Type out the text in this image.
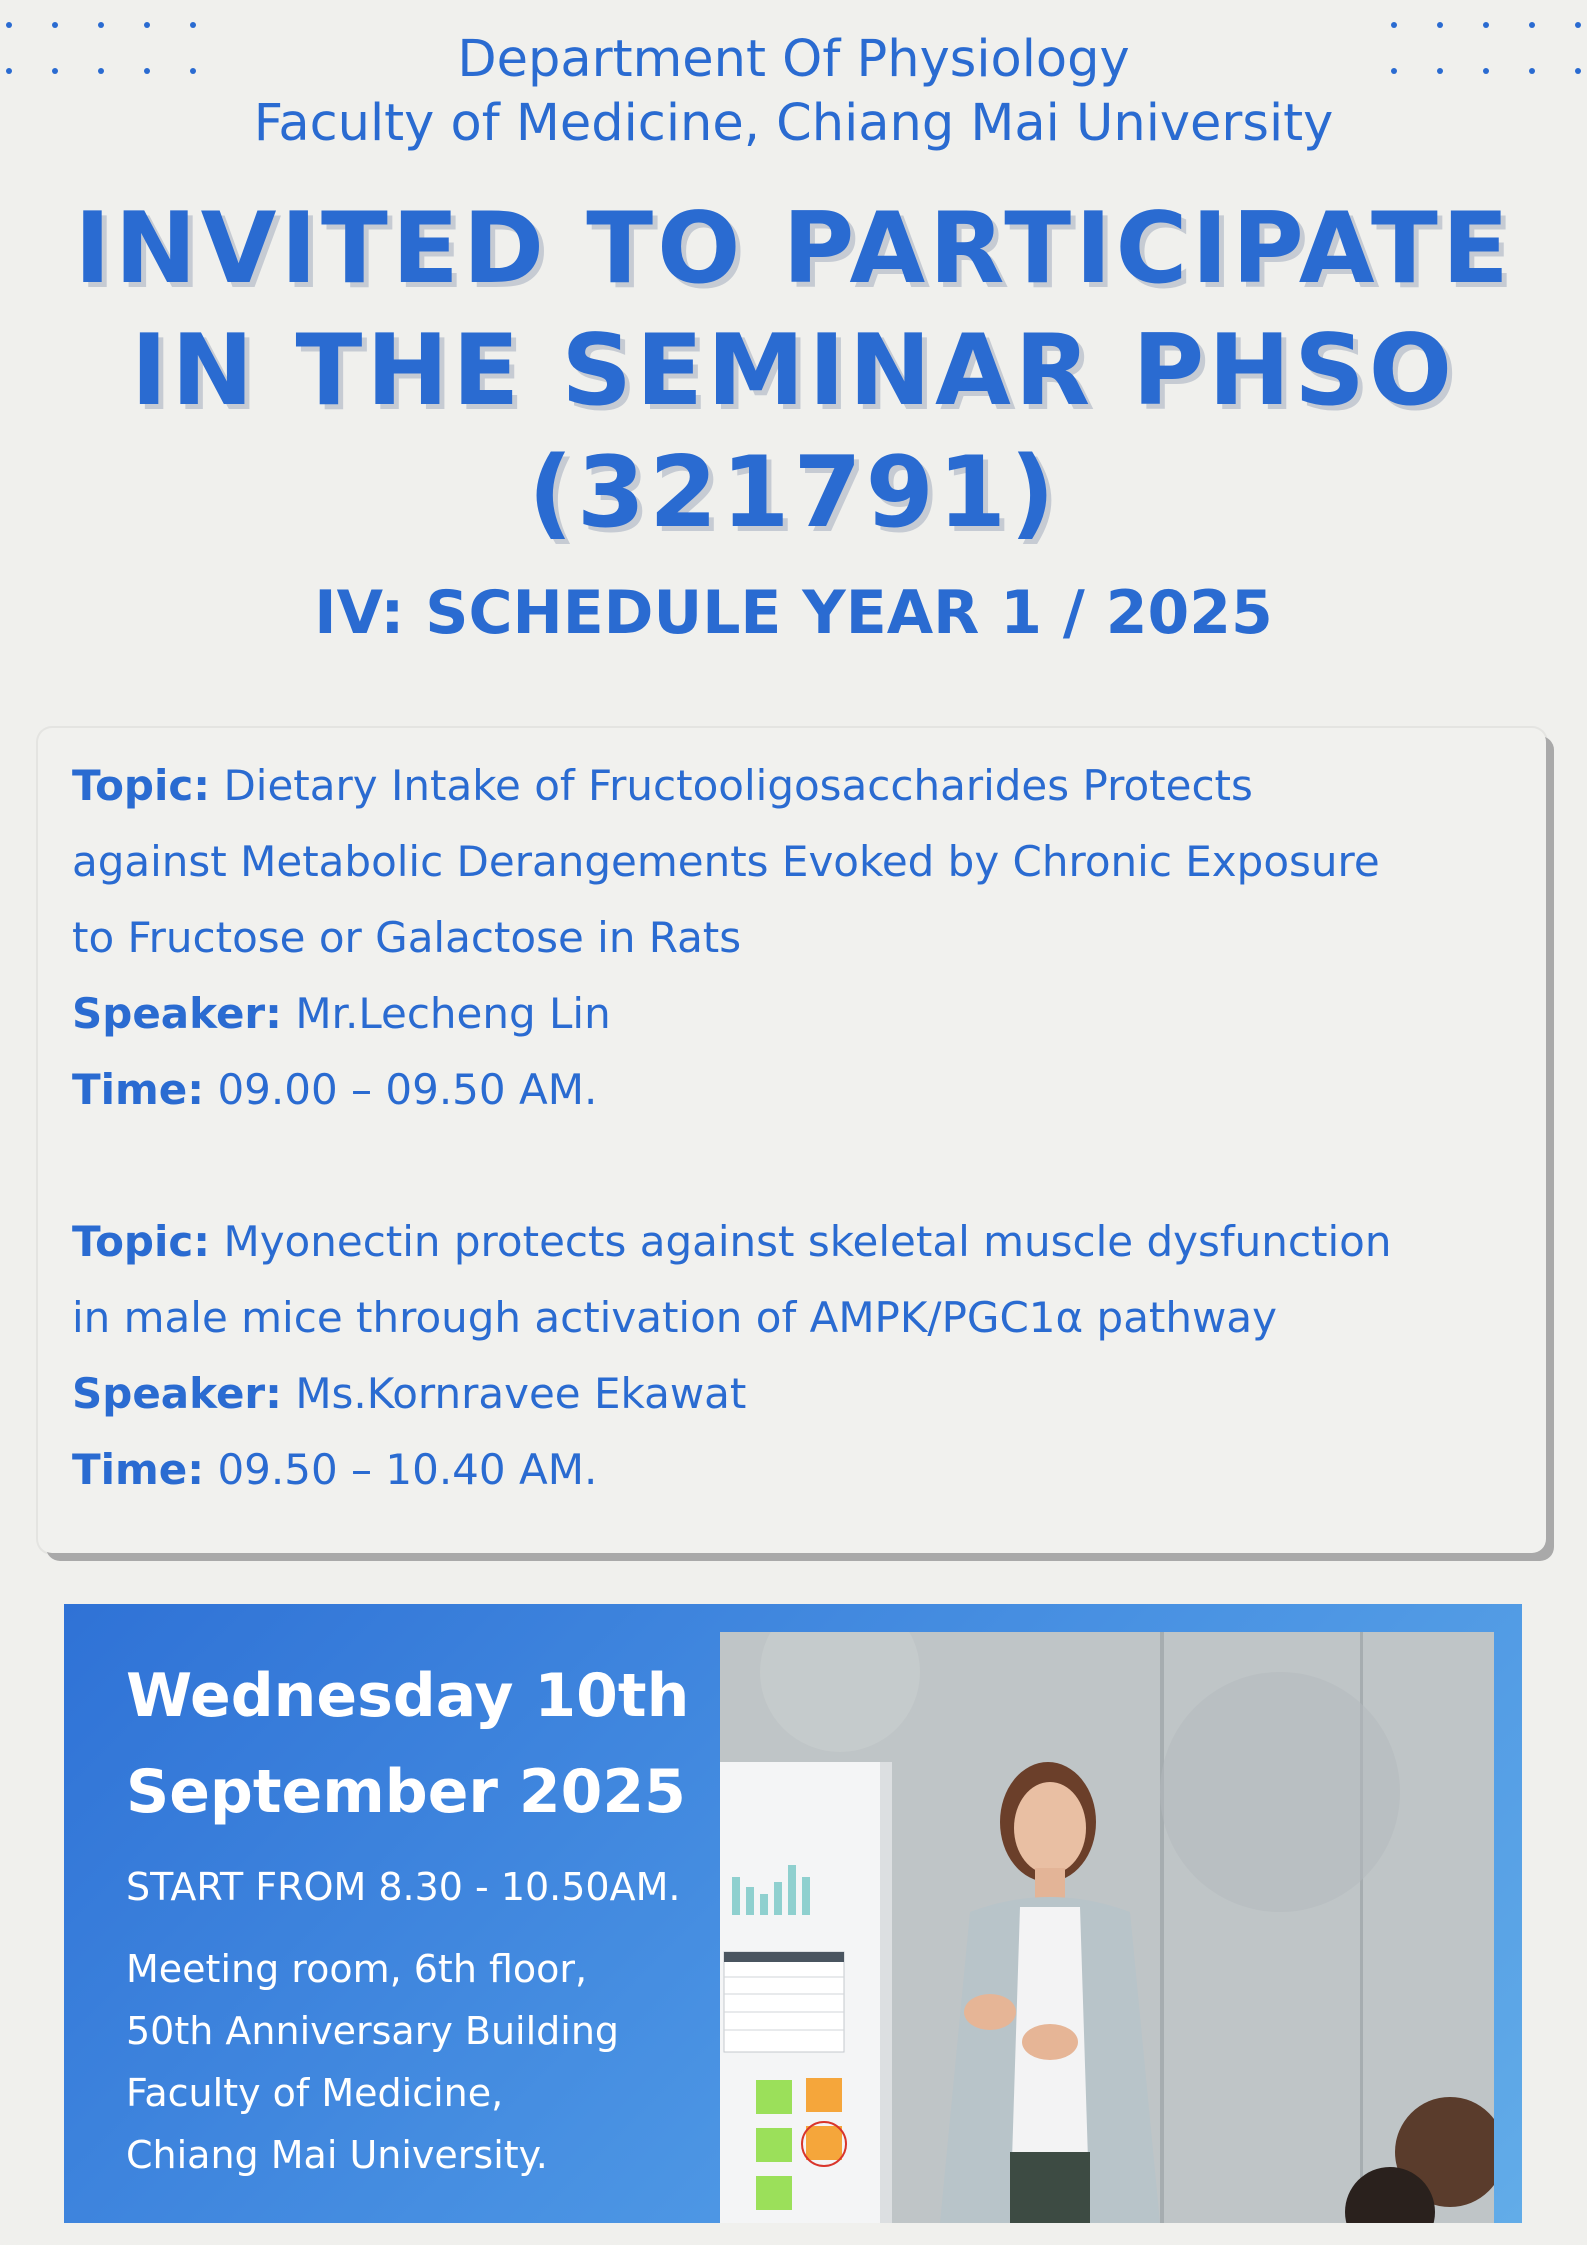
Department Of Physiology
Faculty of Medicine, Chiang Mai University
INVITED TO PARTICIPATE
IN THE SEMINAR PHSO
(321791)
IV: SCHEDULE YEAR 1 / 2025
Topic: Dietary Intake of Fructooligosaccharides Protects
against Metabolic Derangements Evoked by Chronic Exposure
to Fructose or Galactose in Rats
Speaker: Mr.Lecheng Lin
Time: 09.00 – 09.50 AM.
Topic: Myonectin protects against skeletal muscle dysfunction
in male mice through activation of AMPK/PGC1α pathway
Speaker: Ms.Kornravee Ekawat
Time: 09.50 – 10.40 AM.
Wednesday 10th
September 2025
START FROM 8.30 - 10.50AM.
Meeting room, 6th floor,
50th Anniversary Building
Faculty of Medicine,
Chiang Mai University.
